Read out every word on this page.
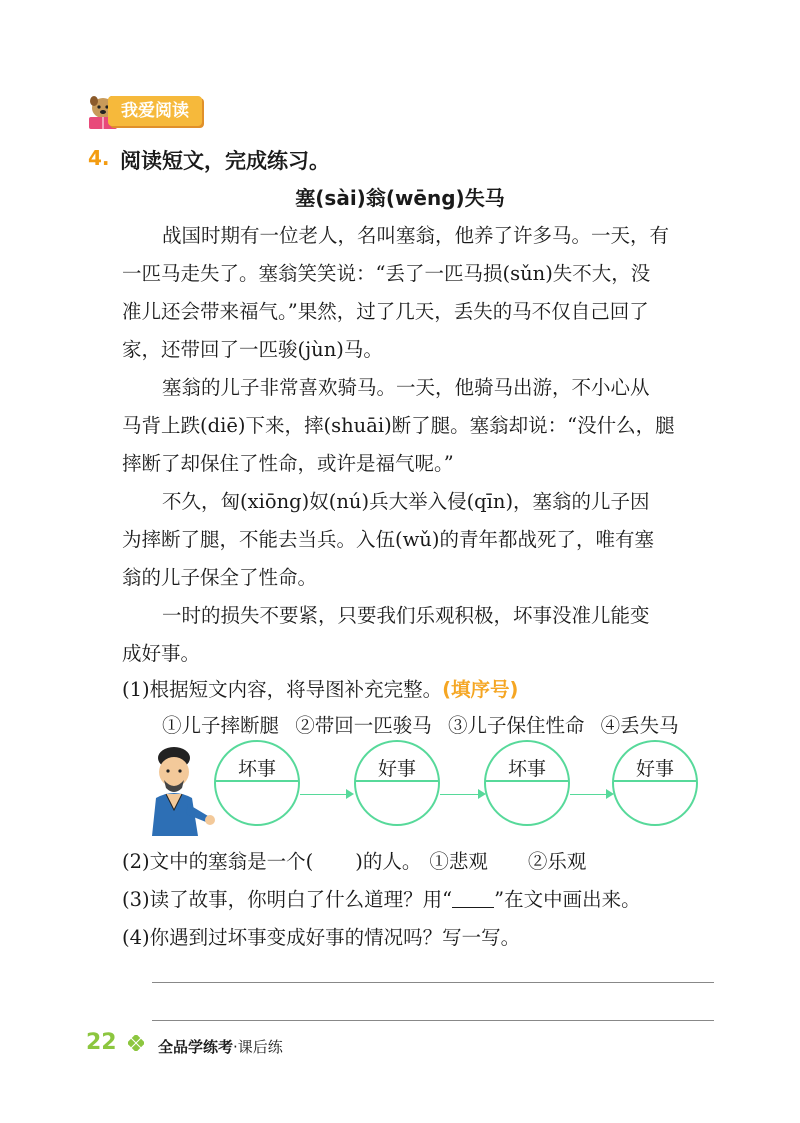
我爱阅读
4. 阅读短文，完成练习。
塞(sài)翁(wēng)失马
战国时期有一位老人，名叫塞翁，他养了许多马。一天，有
一匹马走失了。塞翁笑笑说：“丢了一匹马损(sǔn)失不大，没
准儿还会带来福气。”果然，过了几天，丢失的马不仅自己回了
家，还带回了一匹骏(jùn)马。
塞翁的儿子非常喜欢骑马。一天，他骑马出游，不小心从
马背上跌(diē)下来，摔(shuāi)断了腿。塞翁却说：“没什么，腿
摔断了却保住了性命，或许是福气呢。”
不久，匈(xiōng)奴(nú)兵大举入侵(qīn)，塞翁的儿子因
为摔断了腿，不能去当兵。入伍(wǔ)的青年都战死了，唯有塞
翁的儿子保全了性命。
一时的损失不要紧，只要我们乐观积极，坏事没准儿能变
成好事。
(1)根据短文内容，将导图补充完整。(填序号)
①儿子摔断腿 ②带回一匹骏马 ③儿子保住性命 ④丢失马
坏事	好事	坏事	好事
(2)文中的塞翁是一个( )的人。 ①悲观 ②乐观
(3)读了故事，你明白了什么道理？用“ ”在文中画出来。
(4)你遇到过坏事变成好事的情况吗？写一写。
22	全品学练考·课后练
